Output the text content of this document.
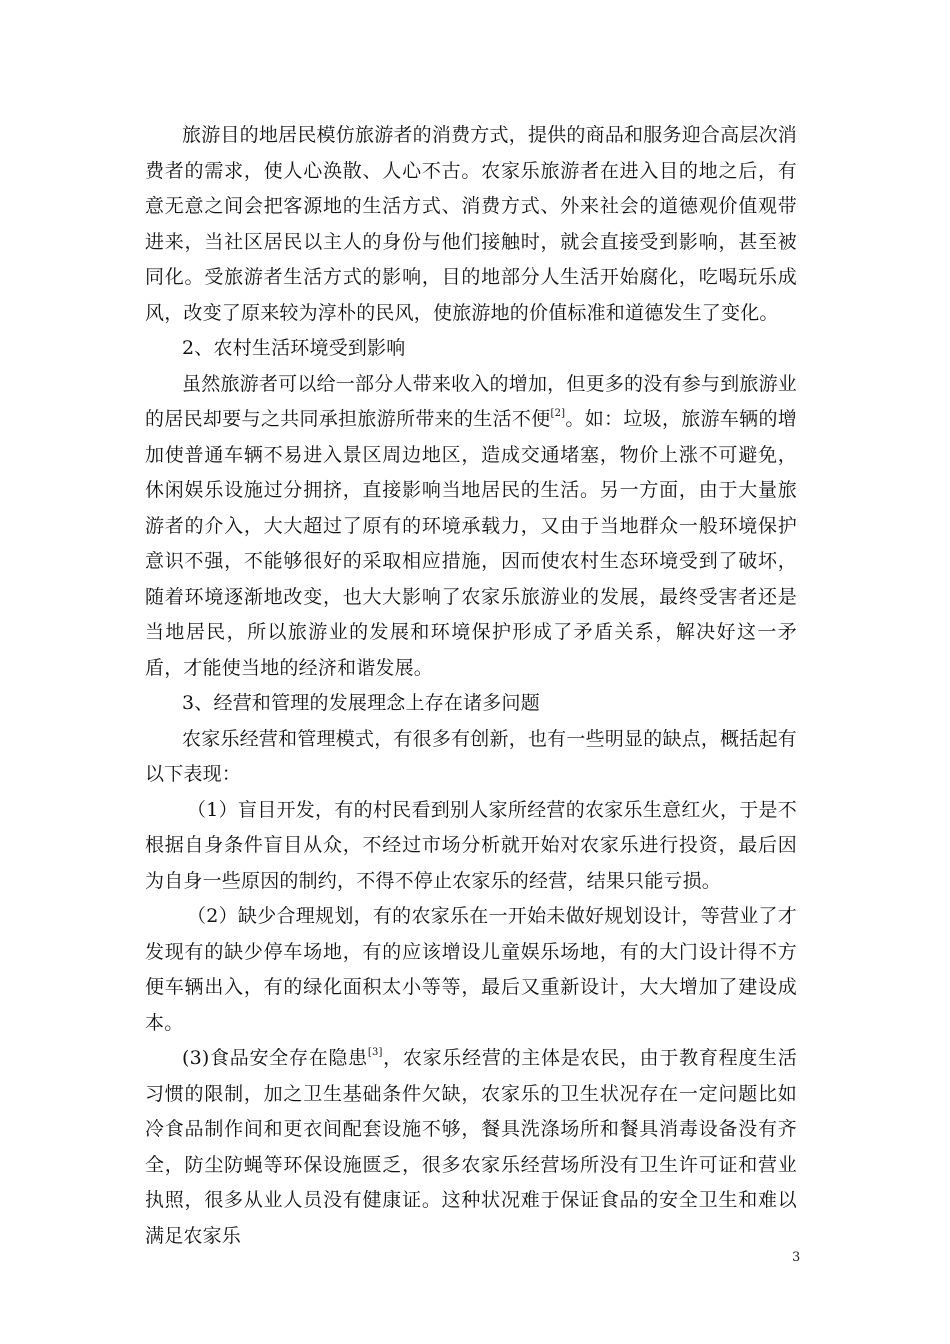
旅游目的地居民模仿旅游者的消费方式，提供的商品和服务迎合高层次消费者的需求，使人心涣散、人心不古。农家乐旅游者在进入目的地之后，有意无意之间会把客源地的生活方式、消费方式、外来社会的道德观价值观带进来，当社区居民以主人的身份与他们接触时，就会直接受到影响，甚至被同化。受旅游者生活方式的影响，目的地部分人生活开始腐化，吃喝玩乐成风，改变了原来较为淳朴的民风，使旅游地的价值标准和道德发生了变化。

2、农村生活环境受到影响

虽然旅游者可以给一部分人带来收入的增加，但更多的没有参与到旅游业的居民却要与之共同承担旅游所带来的生活不便[2]。如：垃圾，旅游车辆的增加使普通车辆不易进入景区周边地区，造成交通堵塞，物价上涨不可避免，休闲娱乐设施过分拥挤，直接影响当地居民的生活。另一方面，由于大量旅游者的介入，大大超过了原有的环境承载力，又由于当地群众一般环境保护意识不强，不能够很好的采取相应措施，因而使农村生态环境受到了破坏，随着环境逐渐地改变，也大大影响了农家乐旅游业的发展，最终受害者还是当地居民，所以旅游业的发展和环境保护形成了矛盾关系，解决好这一矛盾，才能使当地的经济和谐发展。

3、经营和管理的发展理念上存在诸多问题

农家乐经营和管理模式，有很多有创新，也有一些明显的缺点，概括起有以下表现：

（1）盲目开发，有的村民看到别人家所经营的农家乐生意红火，于是不根据自身条件盲目从众，不经过市场分析就开始对农家乐进行投资，最后因为自身一些原因的制约，不得不停止农家乐的经营，结果只能亏损。

（2）缺少合理规划，有的农家乐在一开始未做好规划设计，等营业了才发现有的缺少停车场地，有的应该增设儿童娱乐场地，有的大门设计得不方便车辆出入，有的绿化面积太小等等，最后又重新设计，大大增加了建设成本。

(3)食品安全存在隐患[3]，农家乐经营的主体是农民，由于教育程度生活习惯的限制，加之卫生基础条件欠缺，农家乐的卫生状况存在一定问题比如冷食品制作间和更衣间配套设施不够，餐具洗涤场所和餐具消毒设备没有齐全，防尘防蝇等环保设施匮乏，很多农家乐经营场所没有卫生许可证和营业执照，很多从业人员没有健康证。这种状况难于保证食品的安全卫生和难以满足农家乐

3
